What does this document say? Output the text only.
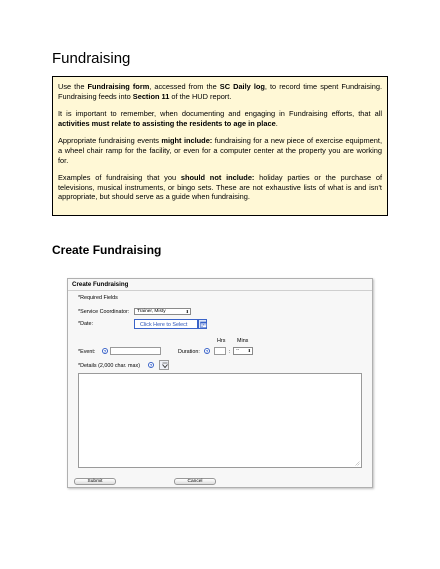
Fundraising

Use the Fundraising form, accessed from the SC Daily log, to record time spent Fundraising. Fundraising feeds into Section 11 of the HUD report.

It is important to remember, when documenting and engaging in Fundraising efforts, that all activities must relate to assisting the residents to age in place.

Appropriate fundraising events might include: fundraising for a new piece of exercise equipment, a wheel chair ramp for the facility, or even for a computer center at the property you are working for.

Examples of fundraising that you should not include: holiday parties or the purchase of televisions, musical instruments, or bingo sets. These are not exhaustive lists of what is and isn't appropriate, but should serve as a guide when fundraising.

Create Fundraising
Create Fundraising
*Required Fields
*Service Coordinator:	Trainer, Misty	⬍
*Date:	Click Here to Select
Hrs Mins
*Event:	?	Duration:	?	:	-- ⬍
*Details (2,000 char. max)	?
Submit	Cancel
